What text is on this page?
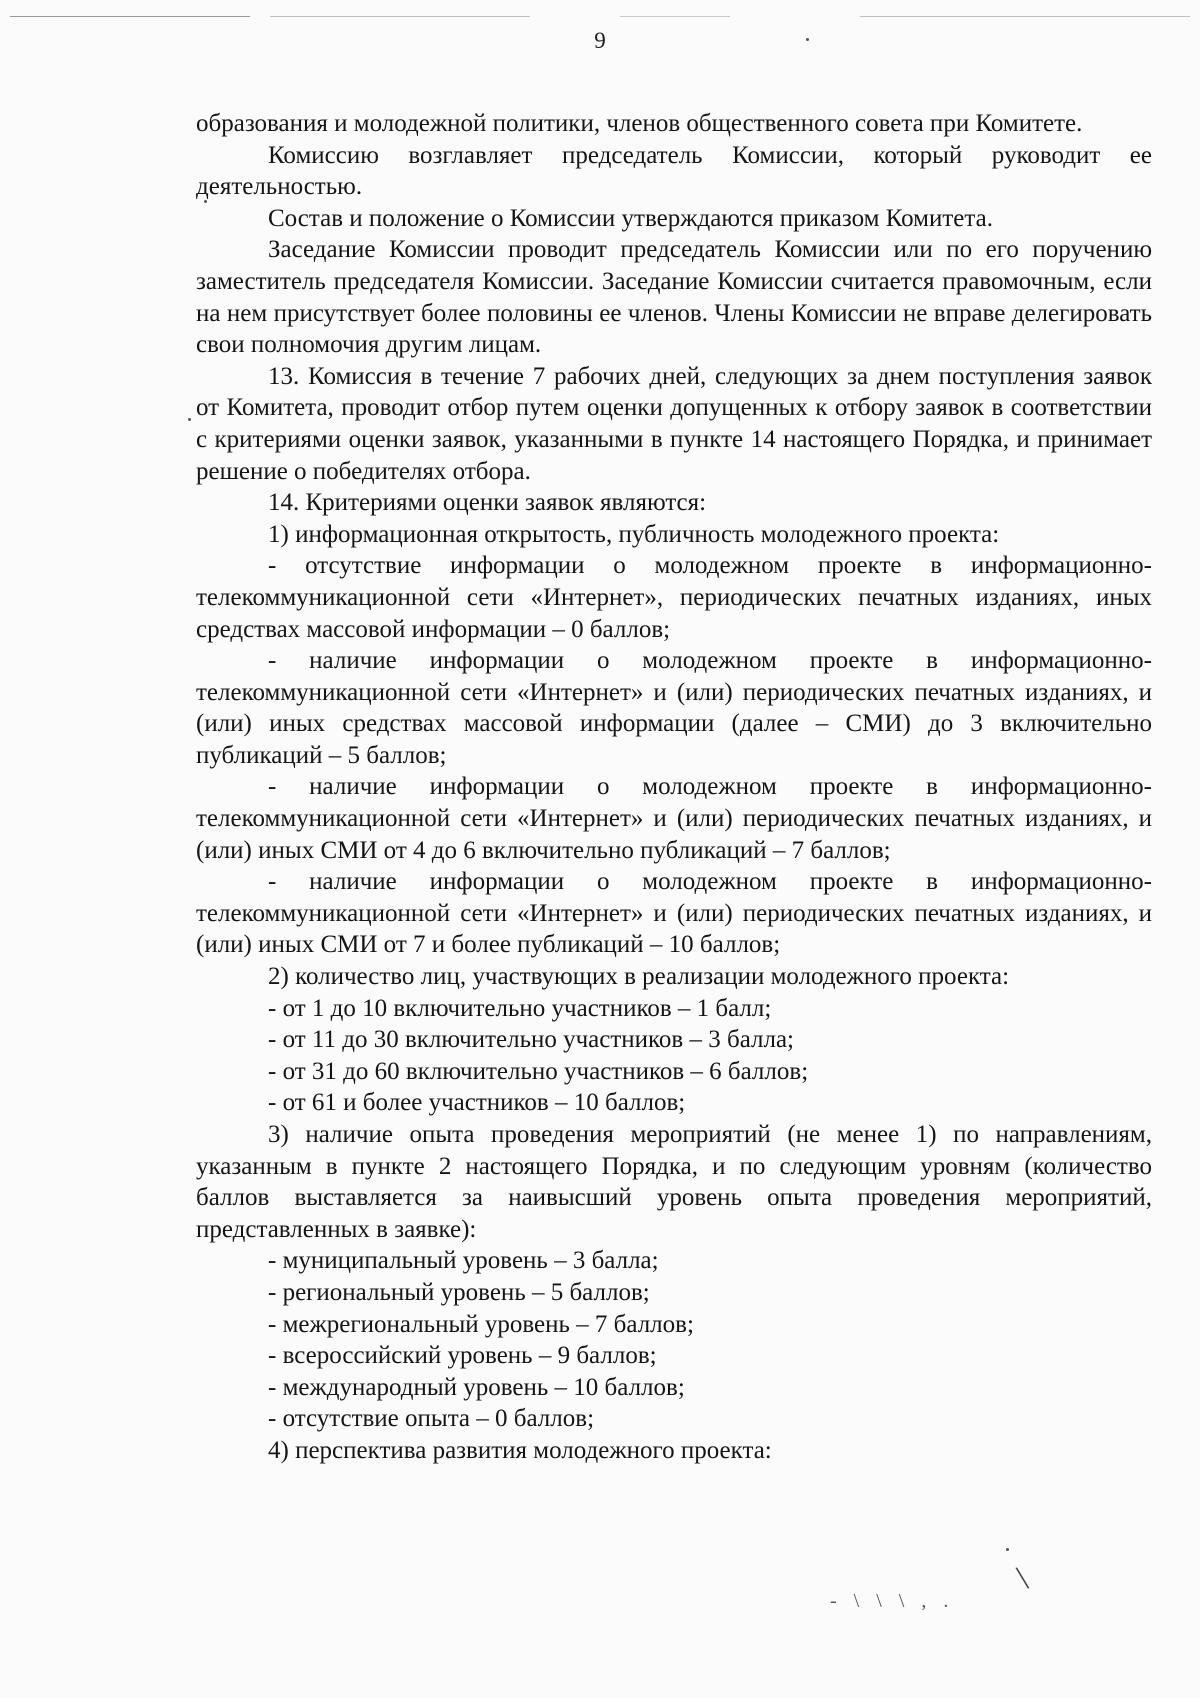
9

образования и молодежной политики, членов общественного совета при Комитете.

Комиссию возглавляет председатель Комиссии, который руководит ее деятельностью.

Состав и положение о Комиссии утверждаются приказом Комитета.

Заседание Комиссии проводит председатель Комиссии или по его поручению заместитель председателя Комиссии. Заседание Комиссии считается правомочным, если на нем присутствует более половины ее членов. Члены Комиссии не вправе делегировать свои полномочия другим лицам.

13. Комиссия в течение 7 рабочих дней, следующих за днем поступления заявок от Комитета, проводит отбор путем оценки допущенных к отбору заявок в соответствии с критериями оценки заявок, указанными в пункте 14 настоящего Порядка, и принимает решение о победителях отбора.

14. Критериями оценки заявок являются:

1) информационная открытость, публичность молодежного проекта:

- отсутствие информации о молодежном проекте в информационно-телекоммуникационной сети «Интернет», периодических печатных изданиях, иных средствах массовой информации – 0 баллов;

- наличие информации о молодежном проекте в информационно-телекоммуникационной сети «Интернет» и (или) периодических печатных изданиях, и (или) иных средствах массовой информации (далее – СМИ) до 3 включительно публикаций – 5 баллов;

- наличие информации о молодежном проекте в информационно-телекоммуникационной сети «Интернет» и (или) периодических печатных изданиях, и (или) иных СМИ от 4 до 6 включительно публикаций – 7 баллов;

- наличие информации о молодежном проекте в информационно-телекоммуникационной сети «Интернет» и (или) периодических печатных изданиях, и (или) иных СМИ от 7 и более публикаций – 10 баллов;

2) количество лиц, участвующих в реализации молодежного проекта:

- от 1 до 10 включительно участников – 1 балл;

- от 11 до 30 включительно участников – 3 балла;

- от 31 до 60 включительно участников – 6 баллов;

- от 61 и более участников – 10 баллов;

3) наличие опыта проведения мероприятий (не менее 1) по направлениям, указанным в пункте 2 настоящего Порядка, и по следующим уровням (количество баллов выставляется за наивысший уровень опыта проведения мероприятий, представленных в заявке):

- муниципальный уровень – 3 балла;

- региональный уровень – 5 баллов;

- межрегиональный уровень – 7 баллов;

- всероссийский уровень – 9 баллов;

- международный уровень – 10 баллов;

- отсутствие опыта – 0 баллов;

4) перспектива развития молодежного проекта:

- \ \ \ , .
\
